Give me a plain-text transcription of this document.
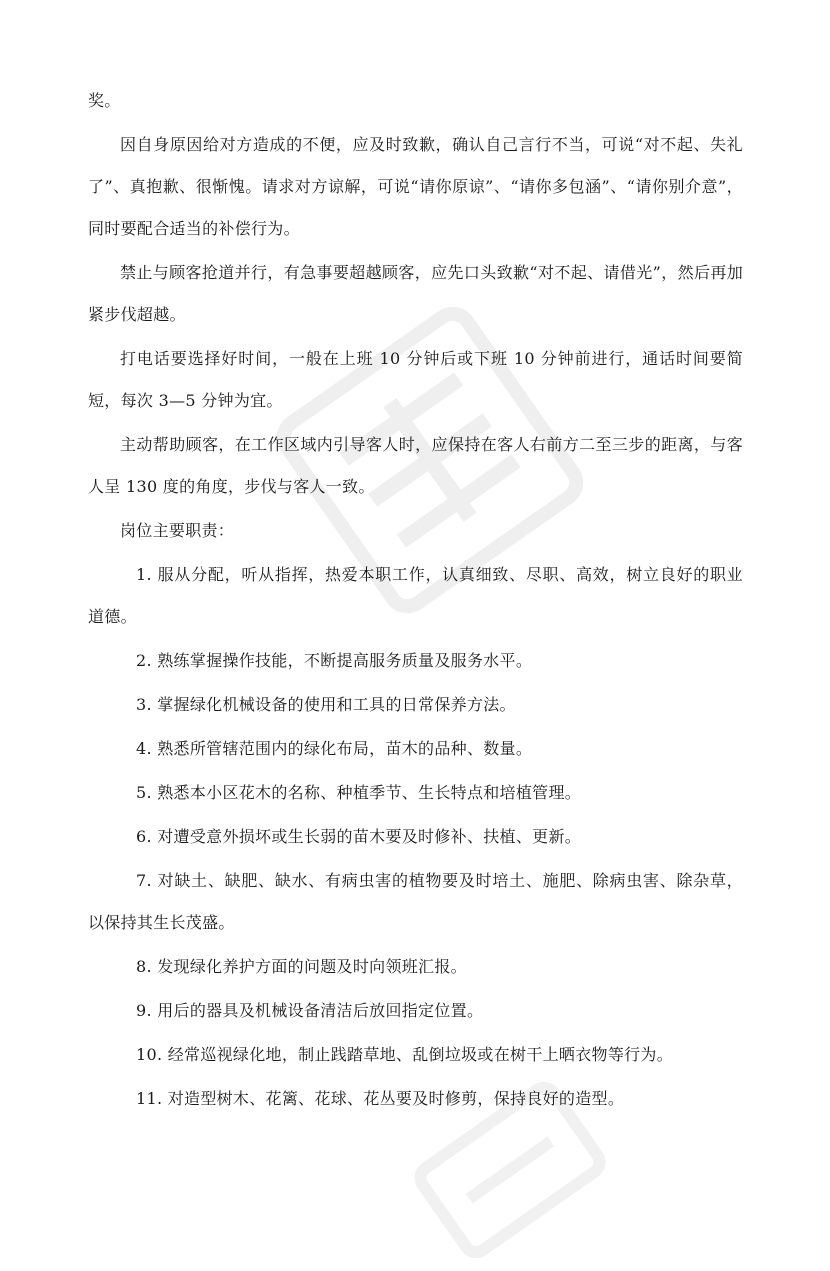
奖。

因自身原因给对方造成的不便，应及时致歉，确认自己言行不当，可说“对不起、失礼了”、真抱歉、很惭愧。请求对方谅解，可说“请你原谅”、“请你多包涵”、“请你别介意”，同时要配合适当的补偿行为。

禁止与顾客抢道并行，有急事要超越顾客，应先口头致歉“对不起、请借光”，然后再加紧步伐超越。

打电话要选择好时间，一般在上班 10 分钟后或下班 10 分钟前进行，通话时间要简短，每次 3—5 分钟为宜。

主动帮助顾客，在工作区域内引导客人时，应保持在客人右前方二至三步的距离，与客人呈 130 度的角度，步伐与客人一致。

岗位主要职责：

1. 服从分配，听从指挥，热爱本职工作，认真细致、尽职、高效，树立良好的职业道德。

2. 熟练掌握操作技能，不断提高服务质量及服务水平。

3. 掌握绿化机械设备的使用和工具的日常保养方法。

4. 熟悉所管辖范围内的绿化布局，苗木的品种、数量。

5. 熟悉本小区花木的名称、种植季节、生长特点和培植管理。

6. 对遭受意外损坏或生长弱的苗木要及时修补、扶植、更新。

7. 对缺土、缺肥、缺水、有病虫害的植物要及时培土、施肥、除病虫害、除杂草，以保持其生长茂盛。

8. 发现绿化养护方面的问题及时向领班汇报。

9. 用后的器具及机械设备清洁后放回指定位置。

10. 经常巡视绿化地，制止践踏草地、乱倒垃圾或在树干上晒衣物等行为。

11. 对造型树木、花篱、花球、花丛要及时修剪，保持良好的造型。
